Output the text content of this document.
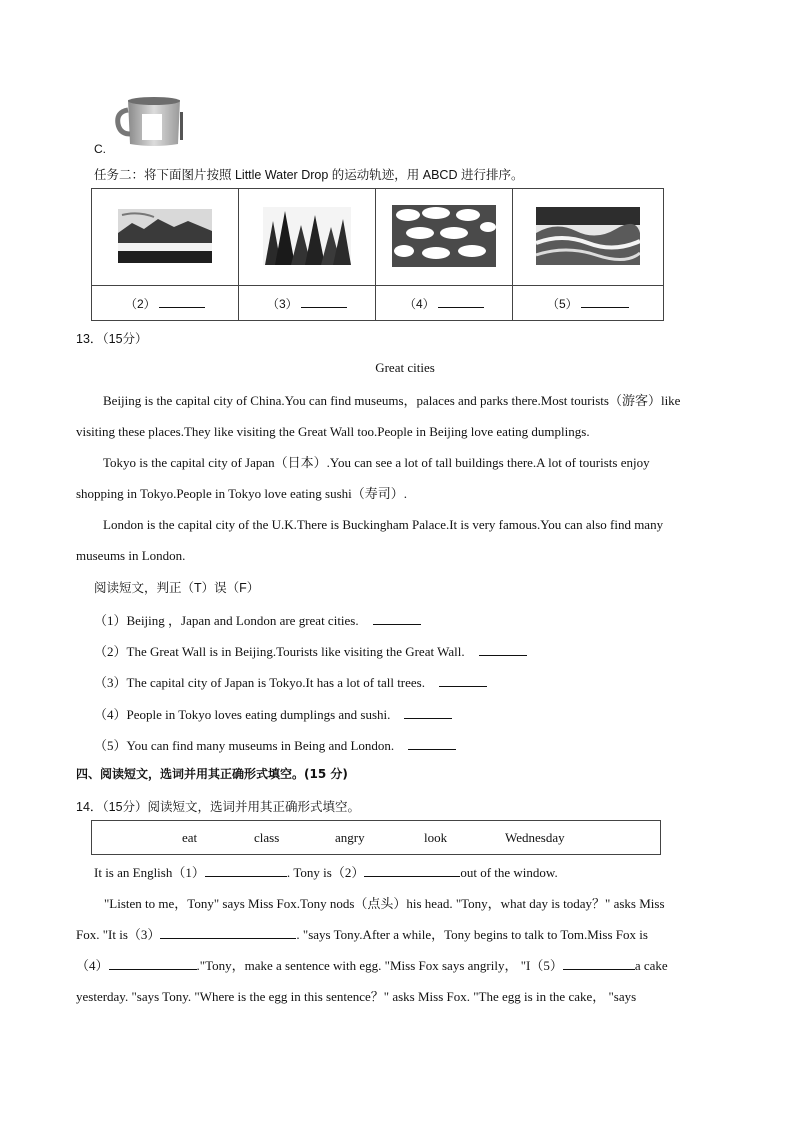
C.
任务二：将下面图片按照 Little Water Drop 的运动轨迹，用 ABCD 进行排序。

（2）	（3）	（4）	（5）
13．（15分）
Great cities
Beijing is the capital city of China.You can find museums，palaces and parks there.Most tourists（游客）like
visiting these places.They like visiting the Great Wall too.People in Beijing love eating dumplings.
Tokyo is the capital city of Japan（日本）.You can see a lot of tall buildings there.A lot of tourists enjoy
shopping in Tokyo.People in Tokyo love eating sushi（寿司）.
London is the capital city of the U.K.There is Buckingham Palace.It is very famous.You can also find many
museums in London.
阅读短文，判正（T）误（F）
（1）Beijing ，Japan and London are great cities.
（2）The Great Wall is in Beijing.Tourists like visiting the Great Wall.
（3）The capital city of Japan is Tokyo.It has a lot of tall trees.
（4）People in Tokyo loves eating dumplings and sushi.
（5）You can find many museums in Being and London.
四、阅读短文，选词并用其正确形式填空。(15 分)
14．（15分）阅读短文，选词并用其正确形式填空。
eat	class	angry	look	Wednesday
It is an English（1）	. Tony is（2）	out of the window.
"Listen to me，Tony" says Miss Fox.Tony nods（点头）his head. "Tony，what day is today？" asks Miss
Fox. "It is（3）	. "says Tony.After a while，Tony begins to talk to Tom.Miss Fox is
（4）	."Tony，make a sentence with egg. "Miss Fox says angrily， "I（5）	a cake
yesterday. "says Tony. "Where is the egg in this sentence？" asks Miss Fox. "The egg is in the cake， "says
